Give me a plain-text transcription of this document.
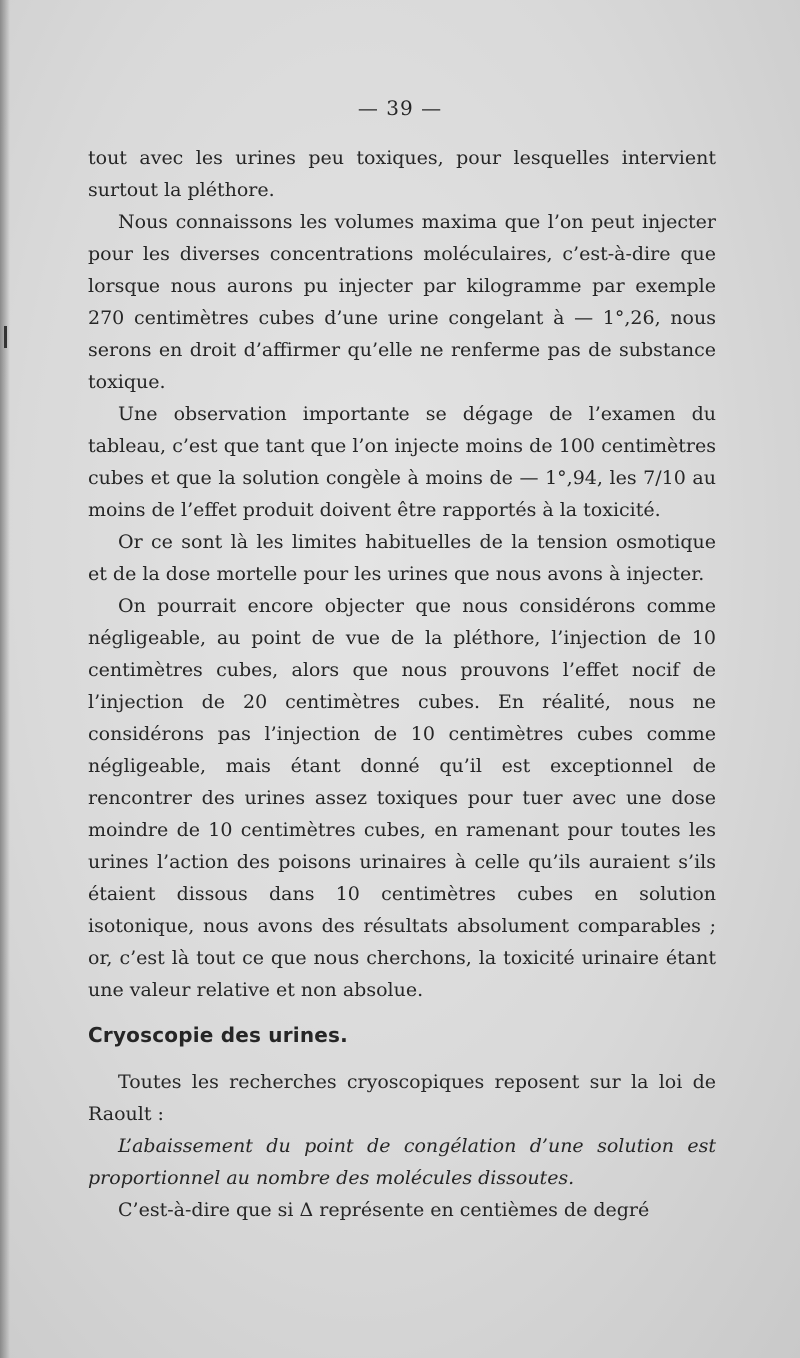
— 39 —

tout avec les urines peu toxiques, pour lesquelles intervient surtout la pléthore.

Nous connaissons les volumes maxima que l’on peut injecter pour les diverses concentrations moléculaires, c’est-à-dire que lorsque nous aurons pu injecter par kilogramme par exemple 270 centimètres cubes d’une urine congelant à — 1°,26, nous serons en droit d’affirmer qu’elle ne renferme pas de substance toxique.

Une observation importante se dégage de l’examen du tableau, c’est que tant que l’on injecte moins de 100 centimètres cubes et que la solution congèle à moins de — 1°,94, les 7/10 au moins de l’effet produit doivent être rapportés à la toxicité.

Or ce sont là les limites habituelles de la tension osmotique et de la dose mortelle pour les urines que nous avons à injecter.

On pourrait encore objecter que nous considérons comme négligeable, au point de vue de la pléthore, l’injection de 10 centimètres cubes, alors que nous prouvons l’effet nocif de l’injection de 20 centimètres cubes. En réalité, nous ne considérons pas l’injection de 10 centimètres cubes comme négligeable, mais étant donné qu’il est exceptionnel de rencontrer des urines assez toxiques pour tuer avec une dose moindre de 10 centimètres cubes, en ramenant pour toutes les urines l’action des poisons urinaires à celle qu’ils auraient s’ils étaient dissous dans 10 centimètres cubes en solution isotonique, nous avons des résultats absolument comparables ; or, c’est là tout ce que nous cherchons, la toxicité urinaire étant une valeur relative et non absolue.

Cryoscopie des urines.

Toutes les recherches cryoscopiques reposent sur la loi de Raoult :

L’abaissement du point de congélation d’une solution est proportionnel au nombre des molécules dissoutes.

C’est-à-dire que si Δ représente en centièmes de degré
